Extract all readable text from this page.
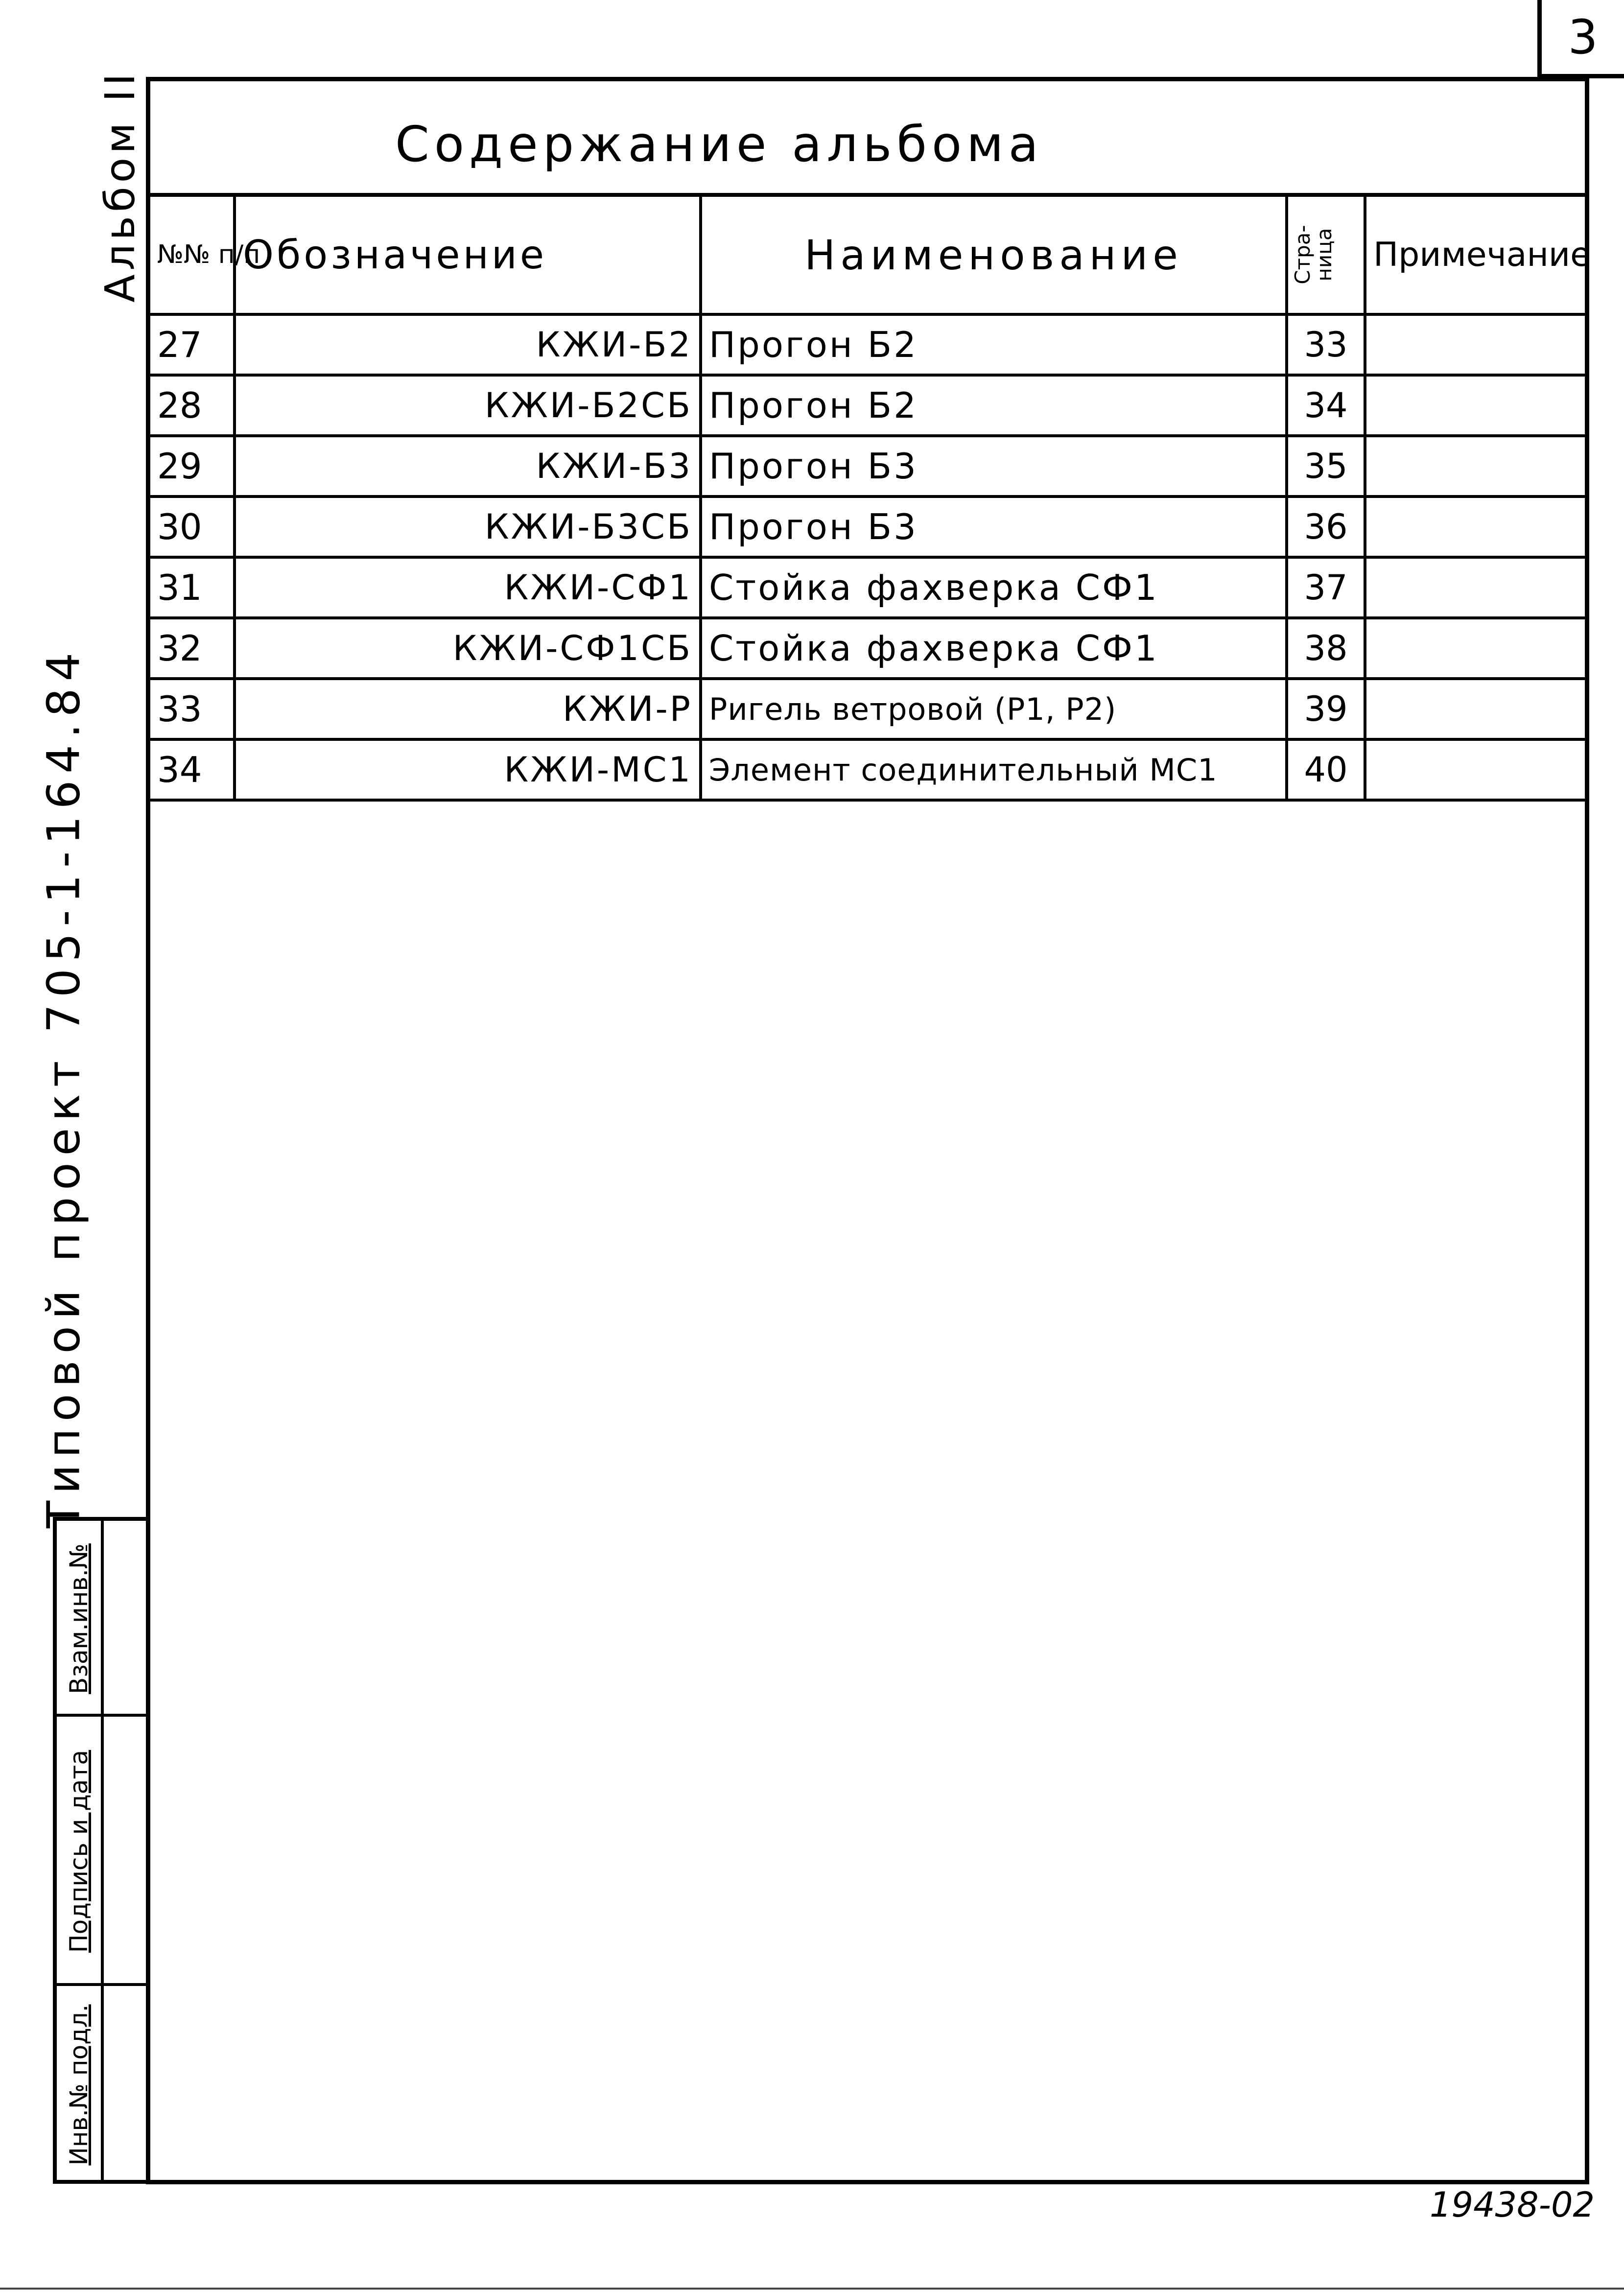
3
Альбом II
Типовой проект 705-1-164.84
Содержание альбома
№№ п/п	Обозначение	Наименование	Стра-ница	Примечание
27	КЖИ-Б2	Прогон Б2	33	
28	КЖИ-Б2СБ	Прогон Б2	34	
29	КЖИ-Б3	Прогон Б3	35	
30	КЖИ-Б3СБ	Прогон Б3	36	
31	КЖИ-СФ1	Стойка фахверка СФ1	37	
32	КЖИ-СФ1СБ	Стойка фахверка СФ1	38	
33	КЖИ-Р	Ригель ветровой (Р1, Р2)	39	
34	КЖИ-МС1	Элемент соединительный МС1	40	
Взам.инв.№
Подпись и дата
Инв.№ подл.
19438-02
